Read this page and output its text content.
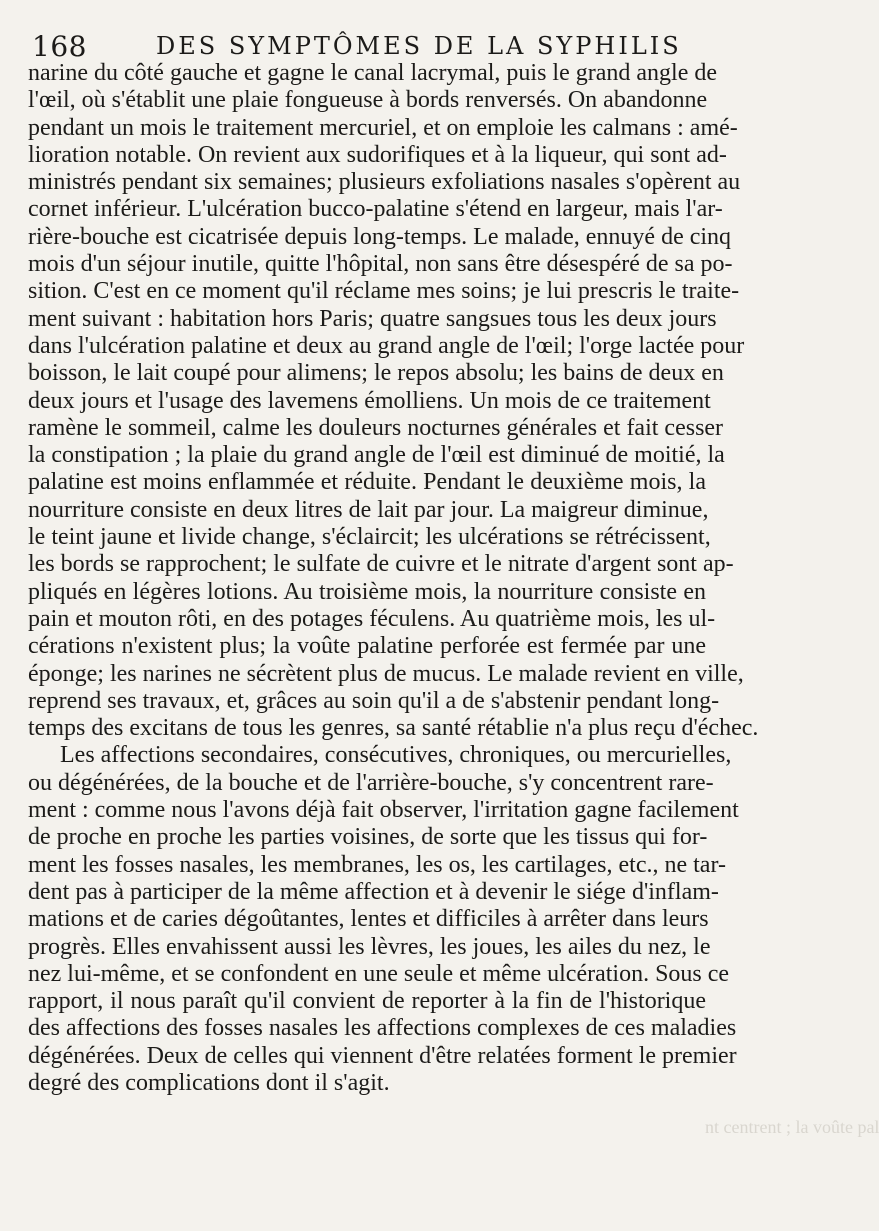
168	DES SYMPTÔMES DE LA SYPHILIS
narine du côté gauche et gagne le canal lacrymal, puis le grand angle de
l'œil, où s'établit une plaie fongueuse à bords renversés. On abandonne
pendant un mois le traitement mercuriel, et on emploie les calmans : amé-
lioration notable. On revient aux sudorifiques et à la liqueur, qui sont ad-
ministrés pendant six semaines; plusieurs exfoliations nasales s'opèrent au
cornet inférieur. L'ulcération bucco-palatine s'étend en largeur, mais l'ar-
rière-bouche est cicatrisée depuis long-temps. Le malade, ennuyé de cinq
mois d'un séjour inutile, quitte l'hôpital, non sans être désespéré de sa po-
sition. C'est en ce moment qu'il réclame mes soins; je lui prescris le traite-
ment suivant : habitation hors Paris; quatre sangsues tous les deux jours
dans l'ulcération palatine et deux au grand angle de l'œil; l'orge lactée pour
boisson, le lait coupé pour alimens; le repos absolu; les bains de deux en
deux jours et l'usage des lavemens émolliens. Un mois de ce traitement
ramène le sommeil, calme les douleurs nocturnes générales et fait cesser
la constipation ; la plaie du grand angle de l'œil est diminué de moitié, la
palatine est moins enflammée et réduite. Pendant le deuxième mois, la
nourriture consiste en deux litres de lait par jour. La maigreur diminue,
le teint jaune et livide change, s'éclaircit; les ulcérations se rétrécissent,
les bords se rapprochent; le sulfate de cuivre et le nitrate d'argent sont ap-
pliqués en légères lotions. Au troisième mois, la nourriture consiste en
pain et mouton rôti, en des potages féculens. Au quatrième mois, les ul-
cérations n'existent plus; la voûte palatine perforée est fermée par une
éponge; les narines ne sécrètent plus de mucus. Le malade revient en ville,
reprend ses travaux, et, grâces au soin qu'il a de s'abstenir pendant long-
temps des excitans de tous les genres, sa santé rétablie n'a plus reçu d'échec.
Les affections secondaires, consécutives, chroniques, ou mercurielles,
ou dégénérées, de la bouche et de l'arrière-bouche, s'y concentrent rare-
ment : comme nous l'avons déjà fait observer, l'irritation gagne facilement
de proche en proche les parties voisines, de sorte que les tissus qui for-
ment les fosses nasales, les membranes, les os, les cartilages, etc., ne tar-
dent pas à participer de la même affection et à devenir le siége d'inflam-
mations et de caries dégoûtantes, lentes et difficiles à arrêter dans leurs
progrès. Elles envahissent aussi les lèvres, les joues, les ailes du nez, le
nez lui-même, et se confondent en une seule et même ulcération. Sous ce
rapport, il nous paraît qu'il convient de reporter à la fin de l'historique
des affections des fosses nasales les affections complexes de ces maladies
dégénérées. Deux de celles qui viennent d'être relatées forment le premier
degré des complications dont il s'agit.
nt centrent ; la voûte pal
